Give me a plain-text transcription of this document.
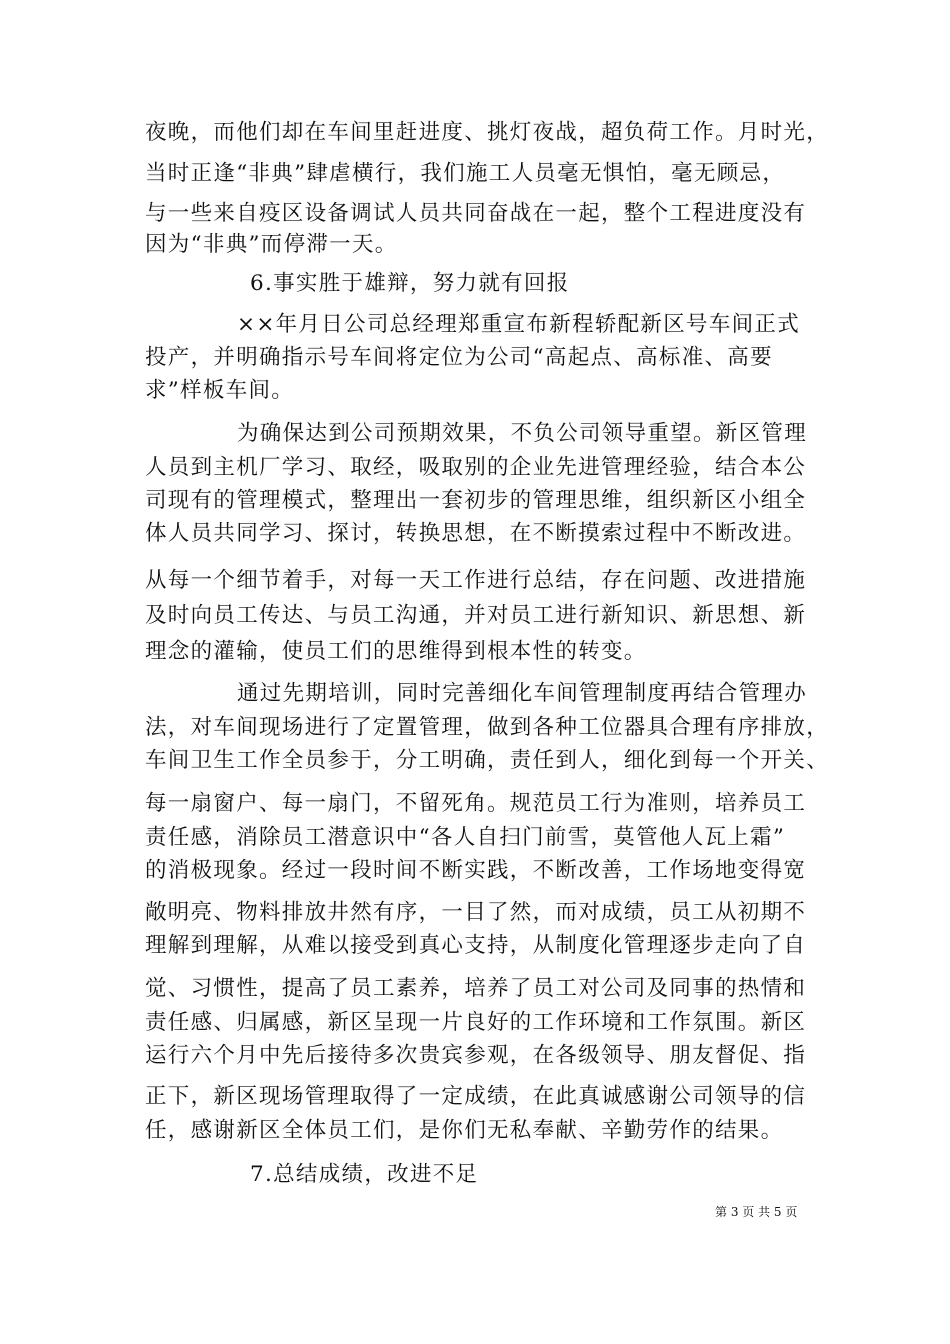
夜晚，而他们却在车间里赶进度、挑灯夜战，超负荷工作。月时光，
当时正逢“非典”肆虐横行，我们施工人员毫无惧怕，毫无顾忌，
与一些来自疫区设备调试人员共同奋战在一起，整个工程进度没有
因为“非典”而停滞一天。
6.事实胜于雄辩，努力就有回报
××年月日公司总经理郑重宣布新程轿配新区号车间正式
投产，并明确指示号车间将定位为公司“高起点、高标准、高要
求”样板车间。
为确保达到公司预期效果，不负公司领导重望。新区管理
人员到主机厂学习、取经，吸取别的企业先进管理经验，结合本公
司现有的管理模式，整理出一套初步的管理思维，组织新区小组全
体人员共同学习、探讨，转换思想，在不断摸索过程中不断改进。
从每一个细节着手，对每一天工作进行总结，存在问题、改进措施
及时向员工传达、与员工沟通，并对员工进行新知识、新思想、新
理念的灌输，使员工们的思维得到根本性的转变。
通过先期培训，同时完善细化车间管理制度再结合管理办
法，对车间现场进行了定置管理，做到各种工位器具合理有序排放，
车间卫生工作全员参于，分工明确，责任到人，细化到每一个开关、
每一扇窗户、每一扇门，不留死角。规范员工行为准则，培养员工
责任感，消除员工潜意识中“各人自扫门前雪，莫管他人瓦上霜”
的消极现象。经过一段时间不断实践，不断改善，工作场地变得宽
敞明亮、物料排放井然有序，一目了然，而对成绩，员工从初期不
理解到理解，从难以接受到真心支持，从制度化管理逐步走向了自
觉、习惯性，提高了员工素养，培养了员工对公司及同事的热情和
责任感、归属感，新区呈现一片良好的工作环境和工作氛围。新区
运行六个月中先后接待多次贵宾参观，在各级领导、朋友督促、指
正下，新区现场管理取得了一定成绩，在此真诚感谢公司领导的信
任，感谢新区全体员工们，是你们无私奉献、辛勤劳作的结果。
7.总结成绩，改进不足
第 3 页 共 5 页
